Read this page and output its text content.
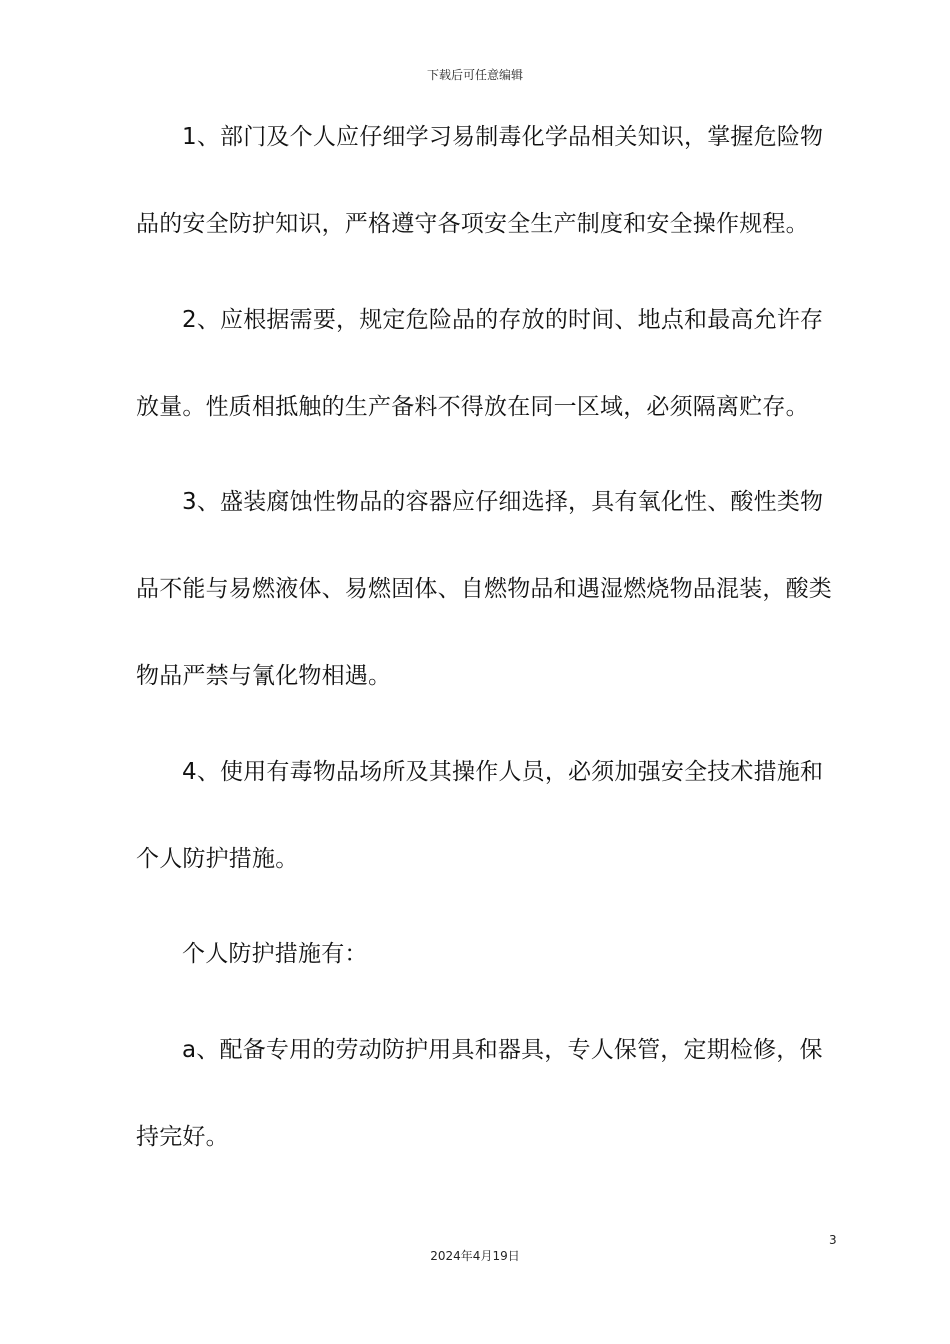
下载后可任意编辑
1、部门及个人应仔细学习易制毒化学品相关知识，掌握危险物
品的安全防护知识，严格遵守各项安全生产制度和安全操作规程。
2、应根据需要，规定危险品的存放的时间、地点和最高允许存
放量。性质相抵触的生产备料不得放在同一区域，必须隔离贮存。
3、盛装腐蚀性物品的容器应仔细选择，具有氧化性、酸性类物
品不能与易燃液体、易燃固体、自燃物品和遇湿燃烧物品混装，酸类
物品严禁与氰化物相遇。
4、使用有毒物品场所及其操作人员，必须加强安全技术措施和
个人防护措施。
个人防护措施有：
a、配备专用的劳动防护用具和器具，专人保管，定期检修，保
持完好。
3
2024年4月19日
